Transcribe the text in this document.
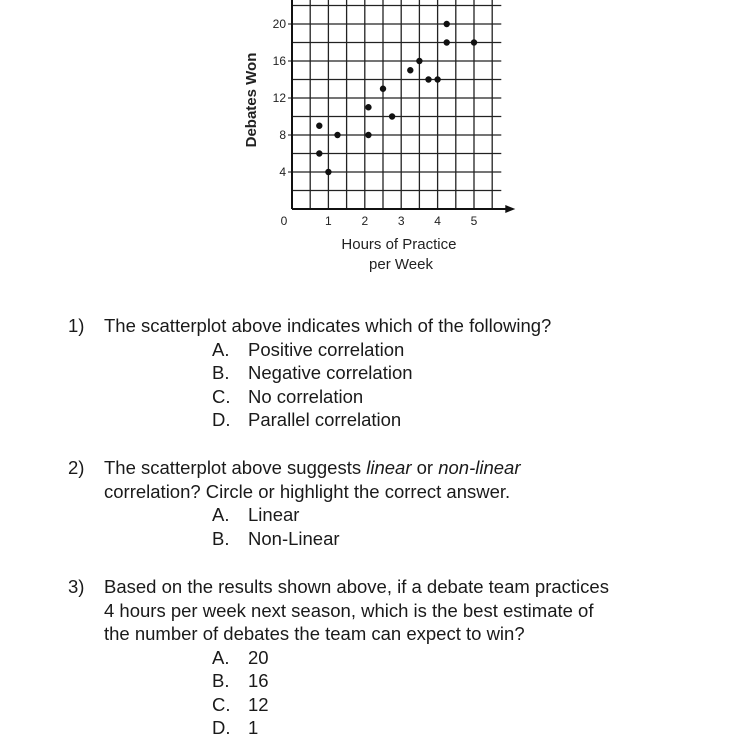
4
8
12
16
20
0	1 2 3 4 5
Debates Won
Hours of Practice per Week
1) The scatterplot above indicates which of the following?
A. Positive correlation
B. Negative correlation
C. No correlation
D. Parallel correlation
2) The scatterplot above suggests linear or non-linear
correlation? Circle or highlight the correct answer.
A. Linear
B. Non-Linear
3) Based on the results shown above, if a debate team practices
4 hours per week next season, which is the best estimate of
the number of debates the team can expect to win?
A. 20
B. 16
C. 12
D. 1
